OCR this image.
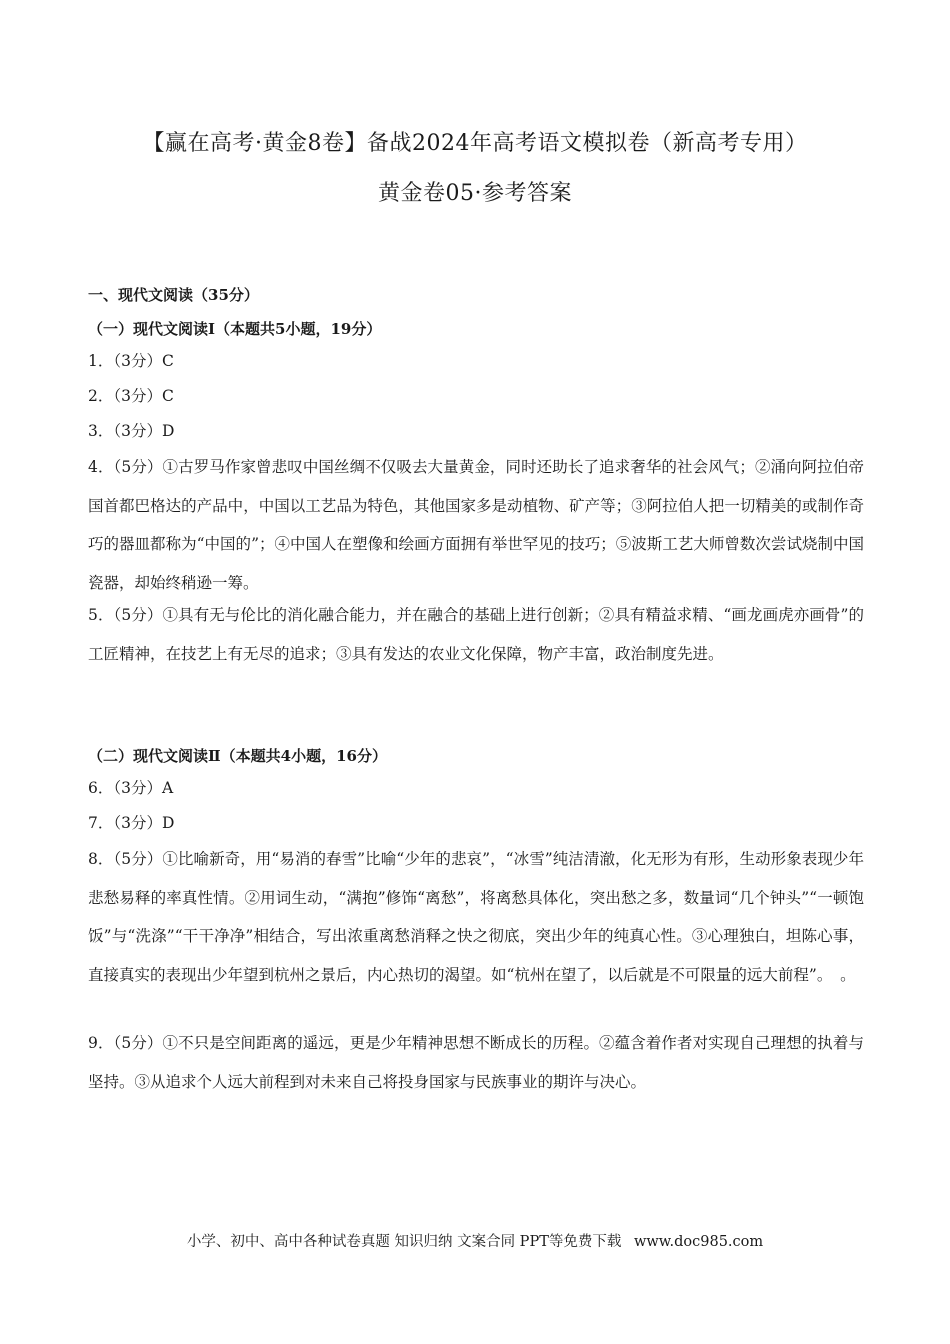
【赢在高考·黄金8卷】备战2024年高考语文模拟卷（新高考专用）
黄金卷05·参考答案
一、现代文阅读（35分）
（一）现代文阅读Ⅰ（本题共5小题，19分）
1．（3分）C
2．（3分）C
3．（3分）D
4．（5分）①古罗马作家曾悲叹中国丝绸不仅吸去大量黄金，同时还助长了追求奢华的社会风气；②涌向阿拉伯帝国首都巴格达的产品中，中国以工艺品为特色，其他国家多是动植物、矿产等；③阿拉伯人把一切精美的或制作奇巧的器皿都称为“中国的”；④中国人在塑像和绘画方面拥有举世罕见的技巧；⑤波斯工艺大师曾数次尝试烧制中国瓷器，却始终稍逊一筹。
5．（5分）①具有无与伦比的消化融合能力，并在融合的基础上进行创新；②具有精益求精、“画龙画虎亦画骨”的工匠精神，在技艺上有无尽的追求；③具有发达的农业文化保障，物产丰富，政治制度先进。
（二）现代文阅读Ⅱ（本题共4小题，16分）
6．（3分）A
7．（3分）D
8．（5分）①比喻新奇，用“易消的春雪”比喻“少年的悲哀”，“冰雪”纯洁清澈，化无形为有形，生动形象表现少年悲愁易释的率真性情。②用词生动，“满抱”修饰“离愁”，将离愁具体化，突出愁之多，数量词“几个钟头”“一顿饱饭”与“洗涤”“干干净净”相结合，写出浓重离愁消释之快之彻底，突出少年的纯真心性。③心理独白，坦陈心事，直接真实的表现出少年望到杭州之景后，内心热切的渴望。如“杭州在望了，以后就是不可限量的远大前程”。　。
9．（5分）①不只是空间距离的遥远，更是少年精神思想不断成长的历程。②蕴含着作者对实现自己理想的执着与坚持。③从追求个人远大前程到对未来自己将投身国家与民族事业的期许与决心。
小学、初中、高中各种试卷真题 知识归纳 文案合同 PPT等免费下载 www.doc985.com
